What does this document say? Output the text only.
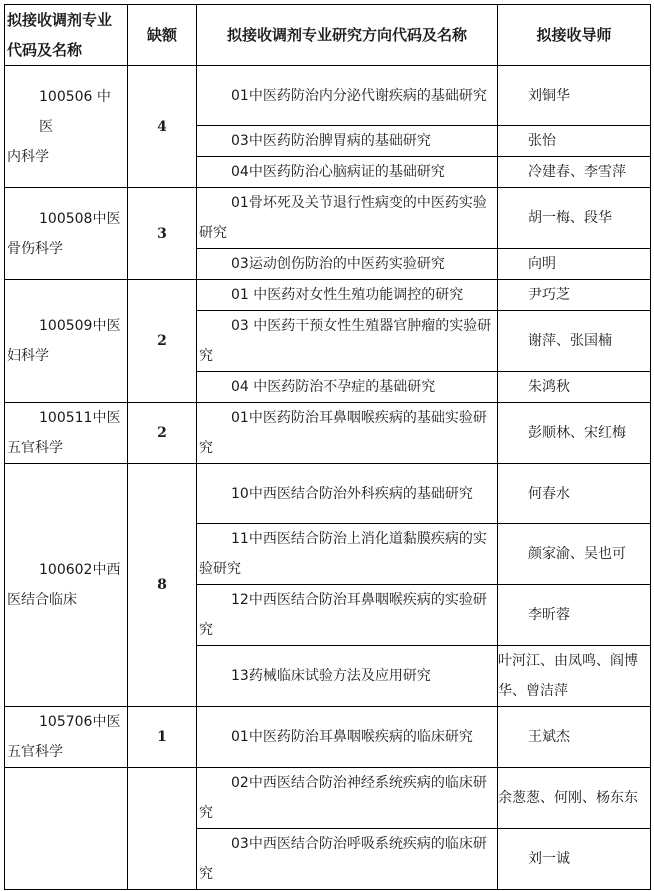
拟接收调剂专业代码及名称	缺额	拟接收调剂专业研究方向代码及名称	拟接收导师

100506 中 医
内科学	4	01中医药防治内分泌代谢疾病的基础研究	刘铜华
		03中医药防治脾胃病的基础研究	张怡
		04中医药防治心脑病证的基础研究	冷建春、李雪萍

100508中医
骨伤科学	3	01骨坏死及关节退行性病变的中医药实验研究	胡一梅、段华
		03运动创伤防治的中医药实验研究	向明

100509中医
妇科学	2	01 中医药对女性生殖功能调控的研究	尹巧芝
		03 中医药干预女性生殖器官肿瘤的实验研究	谢萍、张国楠
		04 中医药防治不孕症的基础研究	朱鸿秋

100511中医
五官科学	2	01中医药防治耳鼻咽喉疾病的基础实验研究	彭顺林、宋红梅

100602中西
医结合临床	8	10中西医结合防治外科疾病的基础研究	何春水
		11中西医结合防治上消化道黏膜疾病的实验研究	颜家渝、吴也可
		12中西医结合防治耳鼻咽喉疾病的实验研究	李昕蓉
		13药械临床试验方法及应用研究	叶河江、由凤鸣、阎博华、曾洁萍

105706中医
五官科学	1	01中医药防治耳鼻咽喉疾病的临床研究	王斌杰

		02中西医结合防治神经系统疾病的临床研究	余葱葱、何刚、杨东东
		03中西医结合防治呼吸系统疾病的临床研究	刘一诚
